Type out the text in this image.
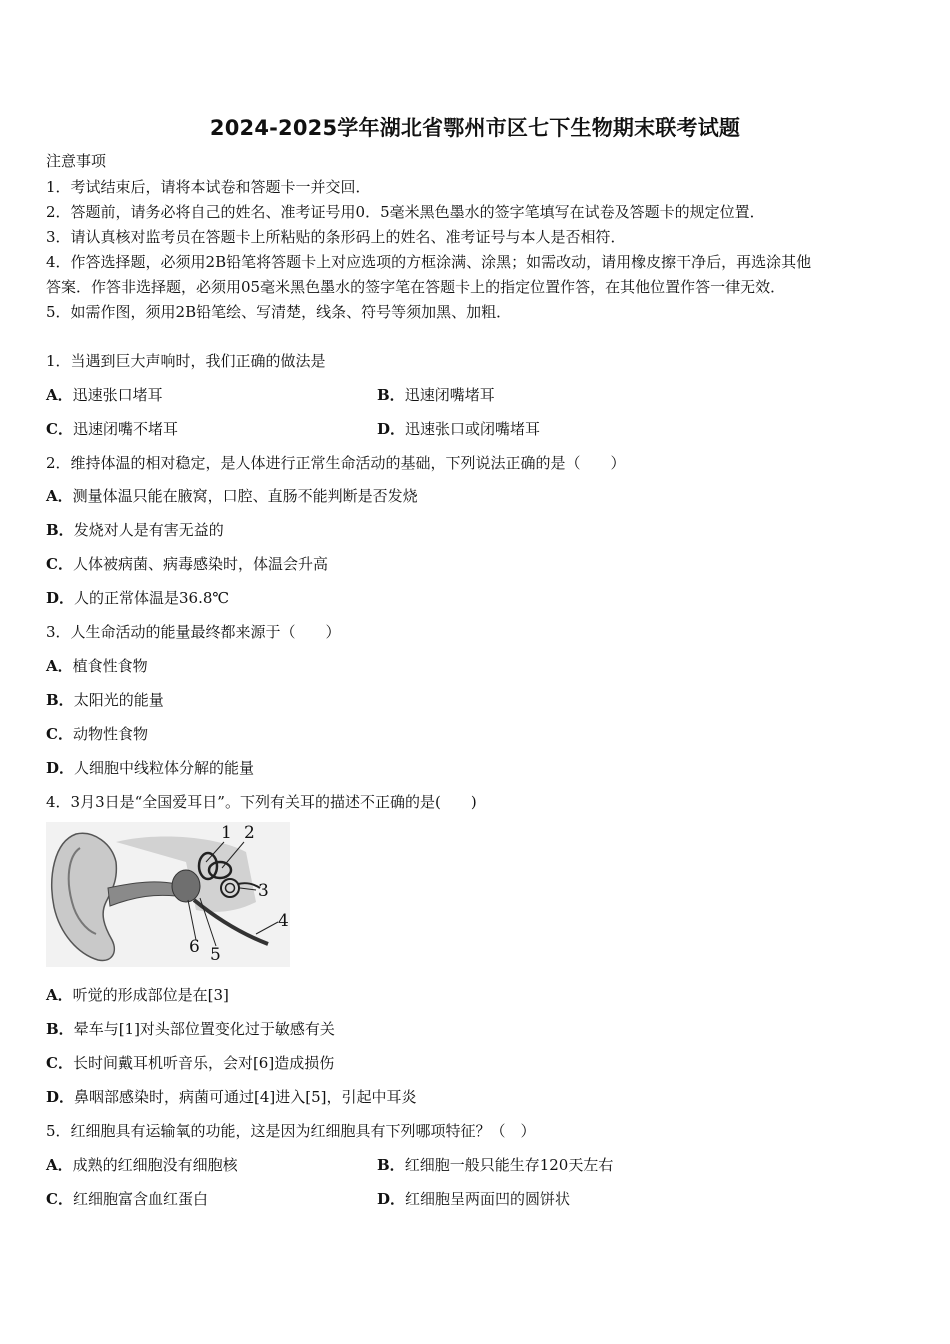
2024-2025学年湖北省鄂州市区七下生物期末联考试题
注意事项
1．考试结束后，请将本试卷和答题卡一并交回．
2．答题前，请务必将自己的姓名、准考证号用0．5毫米黑色墨水的签字笔填写在试卷及答题卡的规定位置．
3．请认真核对监考员在答题卡上所粘贴的条形码上的姓名、准考证号与本人是否相符．
4．作答选择题，必须用2B铅笔将答题卡上对应选项的方框涂满、涂黑；如需改动，请用橡皮擦干净后，再选涂其他
答案．作答非选择题，必须用05毫米黑色墨水的签字笔在答题卡上的指定位置作答，在其他位置作答一律无效．
5．如需作图，须用2B铅笔绘、写清楚，线条、符号等须加黑、加粗．
1．当遇到巨大声响时，我们正确的做法是
A．迅速张口堵耳	B．迅速闭嘴堵耳
C．迅速闭嘴不堵耳	D．迅速张口或闭嘴堵耳
2．维持体温的相对稳定，是人体进行正常生命活动的基础，下列说法正确的是（　　）
A．测量体温只能在腋窝，口腔、直肠不能判断是否发烧
B．发烧对人是有害无益的
C．人体被病菌、病毒感染时，体温会升高
D．人的正常体温是36.8℃
3．人生命活动的能量最终都来源于（　　）
A．植食性食物
B．太阳光的能量
C．动物性食物
D．人细胞中线粒体分解的能量
4．3月3日是“全国爱耳日”。下列有关耳的描述不正确的是(　　)
1 2
3
4
5
6
A．听觉的形成部位是在[3]
B．晕车与[1]对头部位置变化过于敏感有关
C．长时间戴耳机听音乐，会对[6]造成损伤
D．鼻咽部感染时，病菌可通过[4]进入[5]，引起中耳炎
5．红细胞具有运输氧的功能，这是因为红细胞具有下列哪项特征？（　）
A．成熟的红细胞没有细胞核	B．红细胞一般只能生存120天左右
C．红细胞富含血红蛋白	D．红细胞呈两面凹的圆饼状
